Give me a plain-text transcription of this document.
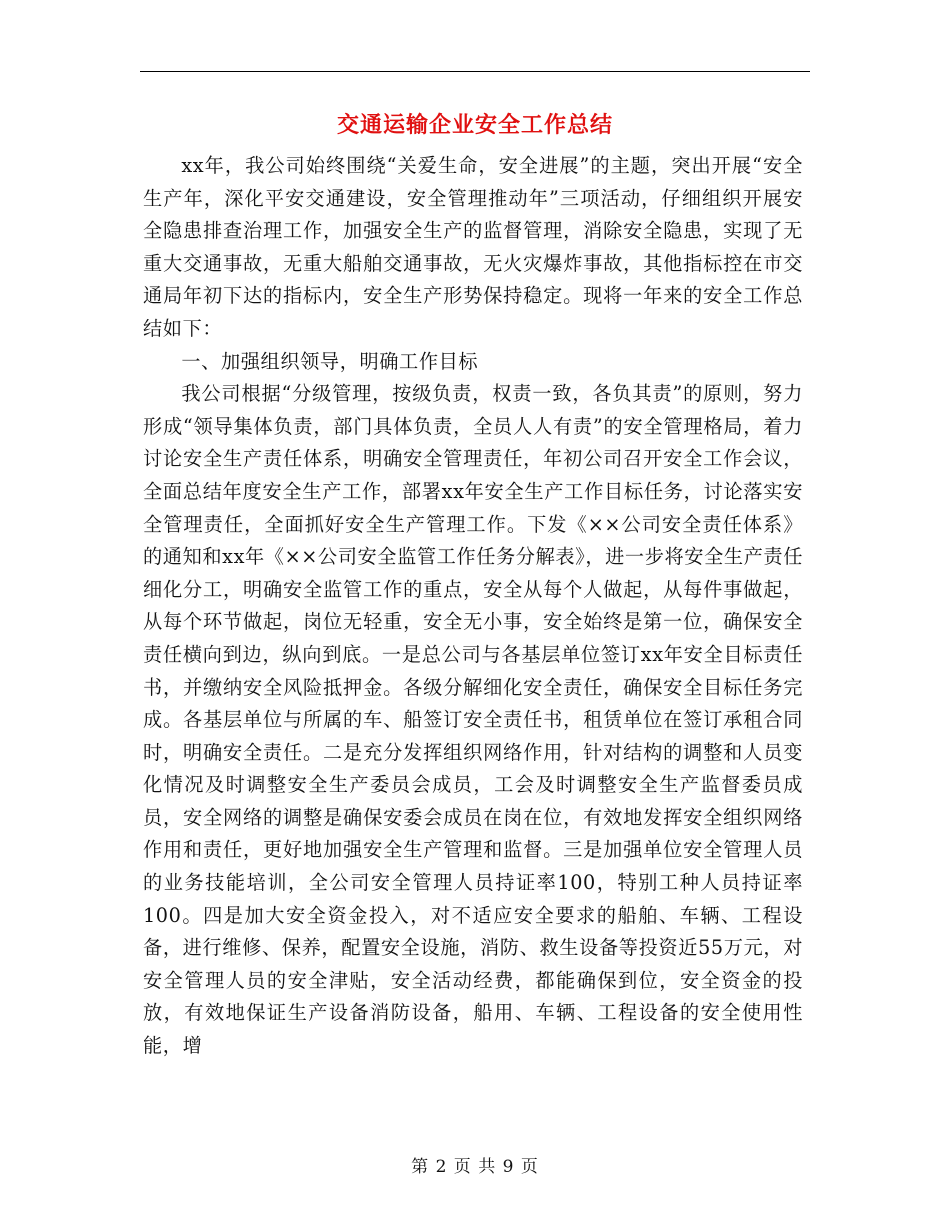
交通运输企业安全工作总结

xx年，我公司始终围绕“关爱生命，安全进展”的主题，突出开展“安全生产年，深化平安交通建设，安全管理推动年”三项活动，仔细组织开展安全隐患排查治理工作，加强安全生产的监督管理，消除安全隐患，实现了无重大交通事故，无重大船舶交通事故，无火灾爆炸事故，其他指标控在市交通局年初下达的指标内，安全生产形势保持稳定。现将一年来的安全工作总结如下：

一、加强组织领导，明确工作目标

我公司根据“分级管理，按级负责，权责一致，各负其责”的原则，努力形成“领导集体负责，部门具体负责，全员人人有责”的安全管理格局，着力讨论安全生产责任体系，明确安全管理责任，年初公司召开安全工作会议，全面总结年度安全生产工作，部署xx年安全生产工作目标任务，讨论落实安全管理责任，全面抓好安全生产管理工作。下发《××公司安全责任体系》的通知和xx年《××公司安全监管工作任务分解表》，进一步将安全生产责任细化分工，明确安全监管工作的重点，安全从每个人做起，从每件事做起，从每个环节做起，岗位无轻重，安全无小事，安全始终是第一位，确保安全责任横向到边，纵向到底。一是总公司与各基层单位签订xx年安全目标责任书，并缴纳安全风险抵押金。各级分解细化安全责任，确保安全目标任务完成。各基层单位与所属的车、船签订安全责任书，租赁单位在签订承租合同时，明确安全责任。二是充分发挥组织网络作用，针对结构的调整和人员变化情况及时调整安全生产委员会成员，工会及时调整安全生产监督委员成员，安全网络的调整是确保安委会成员在岗在位，有效地发挥安全组织网络作用和责任，更好地加强安全生产管理和监督。三是加强单位安全管理人员的业务技能培训，全公司安全管理人员持证率100，特别工种人员持证率100。四是加大安全资金投入，对不适应安全要求的船舶、车辆、工程设备，进行维修、保养，配置安全设施，消防、救生设备等投资近55万元，对安全管理人员的安全津贴，安全活动经费，都能确保到位，安全资金的投放，有效地保证生产设备消防设备，船用、车辆、工程设备的安全使用性能，增

第 2 页 共 9 页
